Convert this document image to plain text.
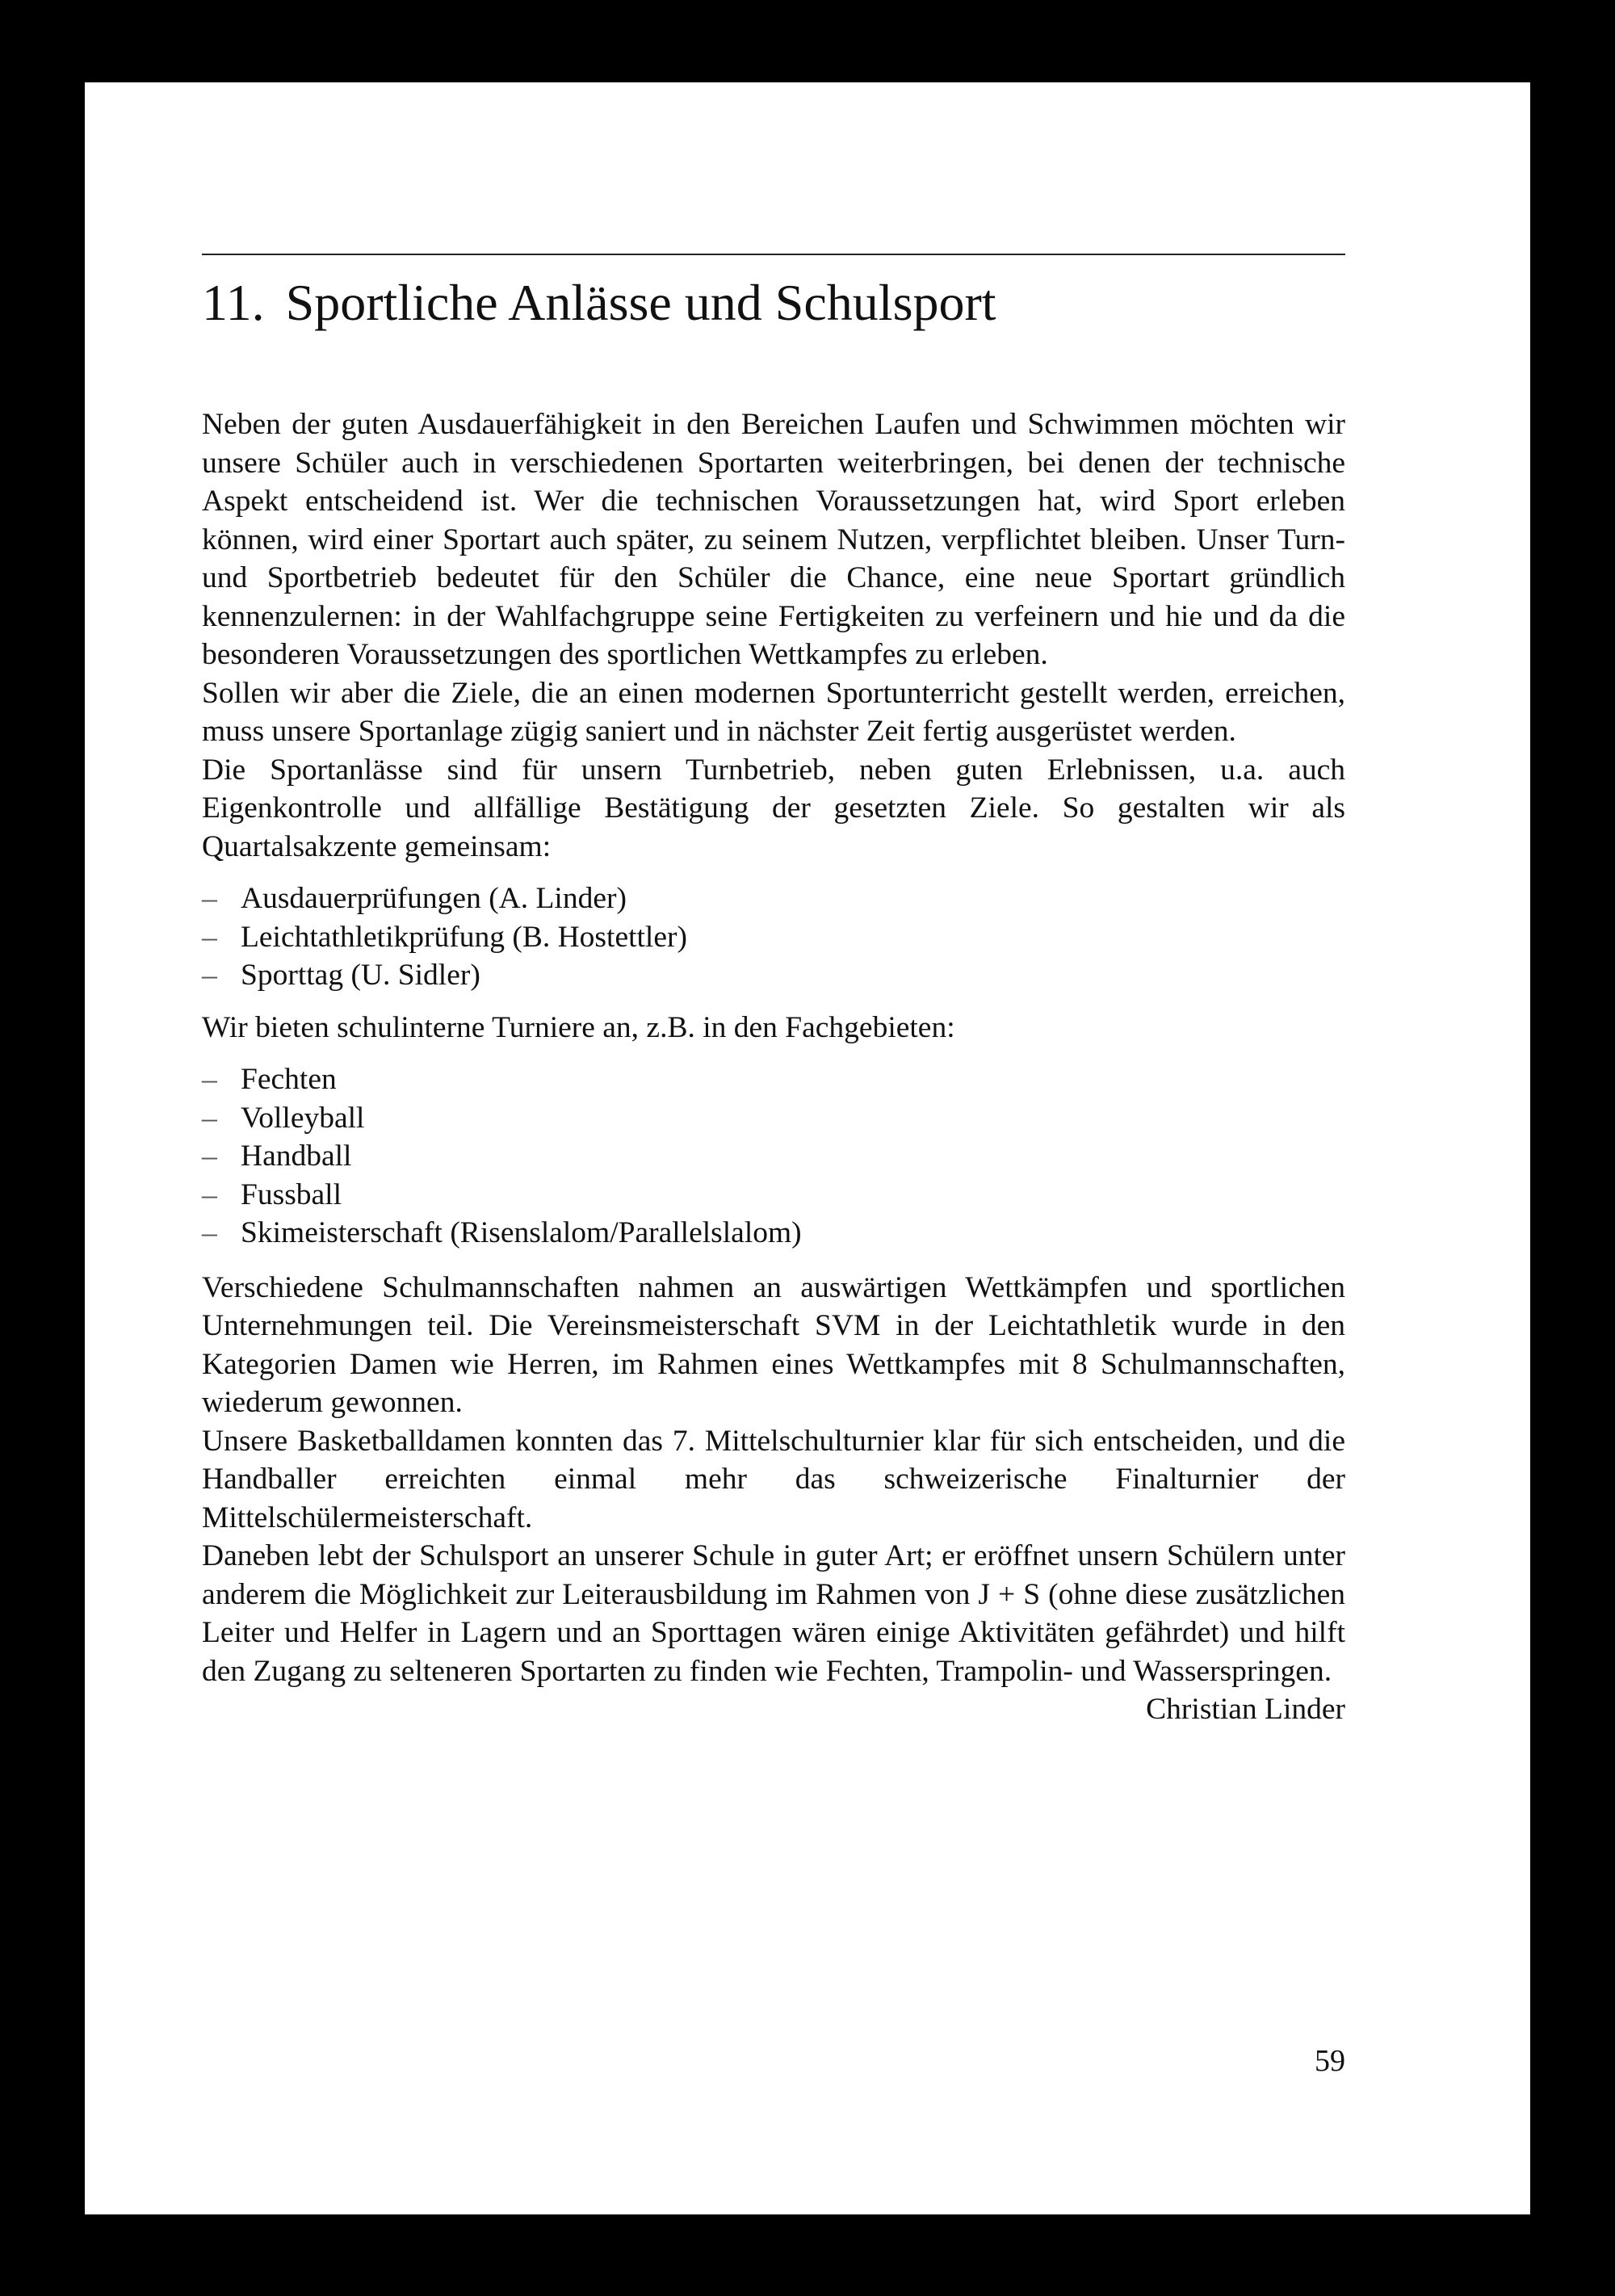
11. Sportliche Anlässe und Schulsport

Neben der guten Ausdauerfähigkeit in den Bereichen Laufen und Schwimmen möchten wir unsere Schüler auch in verschiedenen Sportarten weiterbringen, bei denen der technische Aspekt entscheidend ist. Wer die technischen Voraussetzungen hat, wird Sport erleben können, wird einer Sportart auch später, zu seinem Nutzen, verpflichtet bleiben. Unser Turn- und Sportbetrieb bedeutet für den Schüler die Chance, eine neue Sportart gründlich kennenzulernen: in der Wahlfachgruppe seine Fertigkeiten zu verfeinern und hie und da die besonderen Voraussetzungen des sportlichen Wettkampfes zu erleben.

Sollen wir aber die Ziele, die an einen modernen Sportunterricht gestellt werden, erreichen, muss unsere Sportanlage zügig saniert und in nächster Zeit fertig ausgerüstet werden.

Die Sportanlässe sind für unsern Turnbetrieb, neben guten Erlebnissen, u.a. auch Eigenkontrolle und allfällige Bestätigung der gesetzten Ziele. So gestalten wir als Quartalsakzente gemeinsam:

– Ausdauerprüfungen (A. Linder)
– Leichtathletikprüfung (B. Hostettler)
– Sporttag (U. Sidler)

Wir bieten schulinterne Turniere an, z.B. in den Fachgebieten:

– Fechten
– Volleyball
– Handball
– Fussball
– Skimeisterschaft (Risenslalom/Parallelslalom)

Verschiedene Schulmannschaften nahmen an auswärtigen Wettkämpfen und sportlichen Unternehmungen teil. Die Vereinsmeisterschaft SVM in der Leichtathletik wurde in den Kategorien Damen wie Herren, im Rahmen eines Wettkampfes mit 8 Schulmannschaften, wiederum gewonnen.

Unsere Basketballdamen konnten das 7. Mittelschulturnier klar für sich entscheiden, und die Handballer erreichten einmal mehr das schweizerische Finalturnier der Mittelschülermeisterschaft.

Daneben lebt der Schulsport an unserer Schule in guter Art; er eröffnet unsern Schülern unter anderem die Möglichkeit zur Leiterausbildung im Rahmen von J + S (ohne diese zusätzlichen Leiter und Helfer in Lagern und an Sporttagen wären einige Aktivitäten gefährdet) und hilft den Zugang zu selteneren Sportarten zu finden wie Fechten, Trampolin- und Wasserspringen.

Christian Linder

59
